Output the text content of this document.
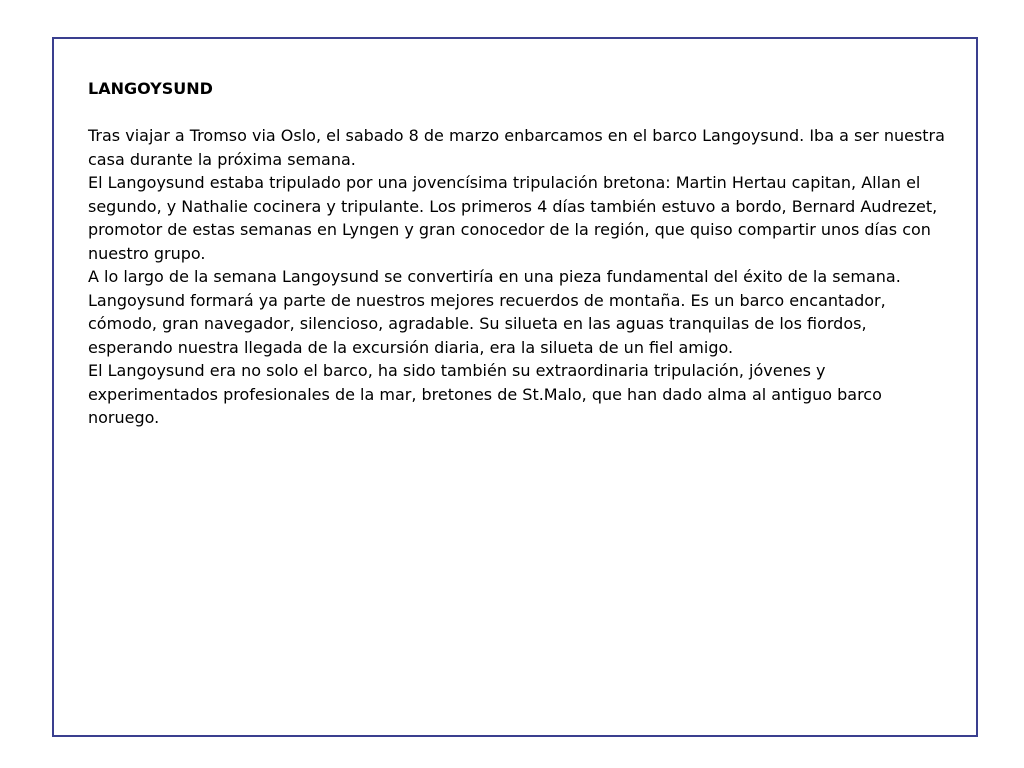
LANGOYSUND

Tras viajar a Tromso via Oslo, el sabado 8 de marzo enbarcamos en el barco Langoysund. Iba a ser nuestra casa durante la próxima semana.

El Langoysund estaba tripulado por una jovencísima tripulación bretona: Martin Hertau capitan, Allan el segundo, y Nathalie cocinera y tripulante. Los primeros 4 días también estuvo a bordo, Bernard Audrezet, promotor de estas semanas en Lyngen y gran conocedor de la región, que quiso compartir unos días con nuestro grupo.

A lo largo de la semana Langoysund se convertiría en una pieza fundamental del éxito de la semana.

Langoysund formará ya parte de nuestros mejores recuerdos de montaña. Es un barco encantador, cómodo, gran navegador, silencioso, agradable. Su silueta en las aguas tranquilas de los fiordos, esperando nuestra llegada de la excursión diaria, era la silueta de un fiel amigo.

El Langoysund era no solo el barco, ha sido también su extraordinaria tripulación, jóvenes y experimentados profesionales de la mar, bretones de St.Malo, que han dado alma al antiguo barco noruego.
